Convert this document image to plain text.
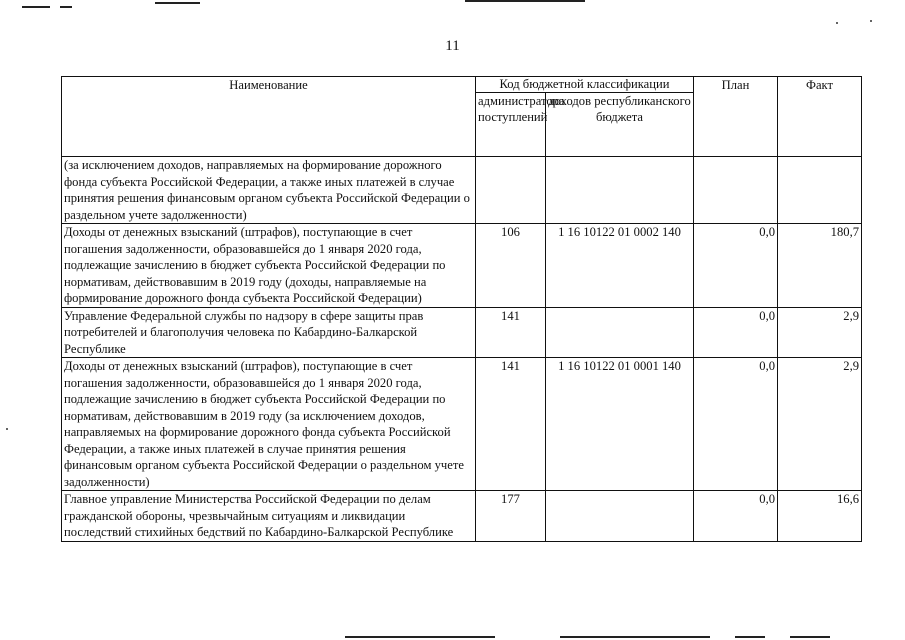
11
Наименование	Код бюджетной классификации		План	Факт
	администратора поступлений	доходов республиканского бюджета		
(за исключением доходов, направляемых на формирование дорожного фонда субъекта Российской Федерации, а также иных платежей в случае принятия решения финансовым органом субъекта Российской Федерации о раздельном учете задолженности)				
Доходы от денежных взысканий (штрафов), поступающие в счет погашения задолженности, образовавшейся до 1 января 2020 года, подлежащие зачислению в бюджет субъекта Российской Федерации по нормативам, действовавшим в 2019 году (доходы, направляемые на формирование дорожного фонда субъекта Российской Федерации)	106	1 16 10122 01 0002 140	0,0	180,7
Управление Федеральной службы по надзору в сфере защиты прав потребителей и благополучия человека по Кабардино-Балкарской Республике	141		0,0	2,9
Доходы от денежных взысканий (штрафов), поступающие в счет погашения задолженности, образовавшейся до 1 января 2020 года, подлежащие зачислению в бюджет субъекта Российской Федерации по нормативам, действовавшим в 2019 году (за исключением доходов, направляемых на формирование дорожного фонда субъекта Российской Федерации, а также иных платежей в случае принятия решения финансовым органом субъекта Российской Федерации о раздельном учете задолженности)	141	1 16 10122 01 0001 140	0,0	2,9
Главное управление Министерства Российской Федерации по делам гражданской обороны, чрезвычайным ситуациям и ликвидации последствий стихийных бедствий по Кабардино-Балкарской Республике	177		0,0	16,6
